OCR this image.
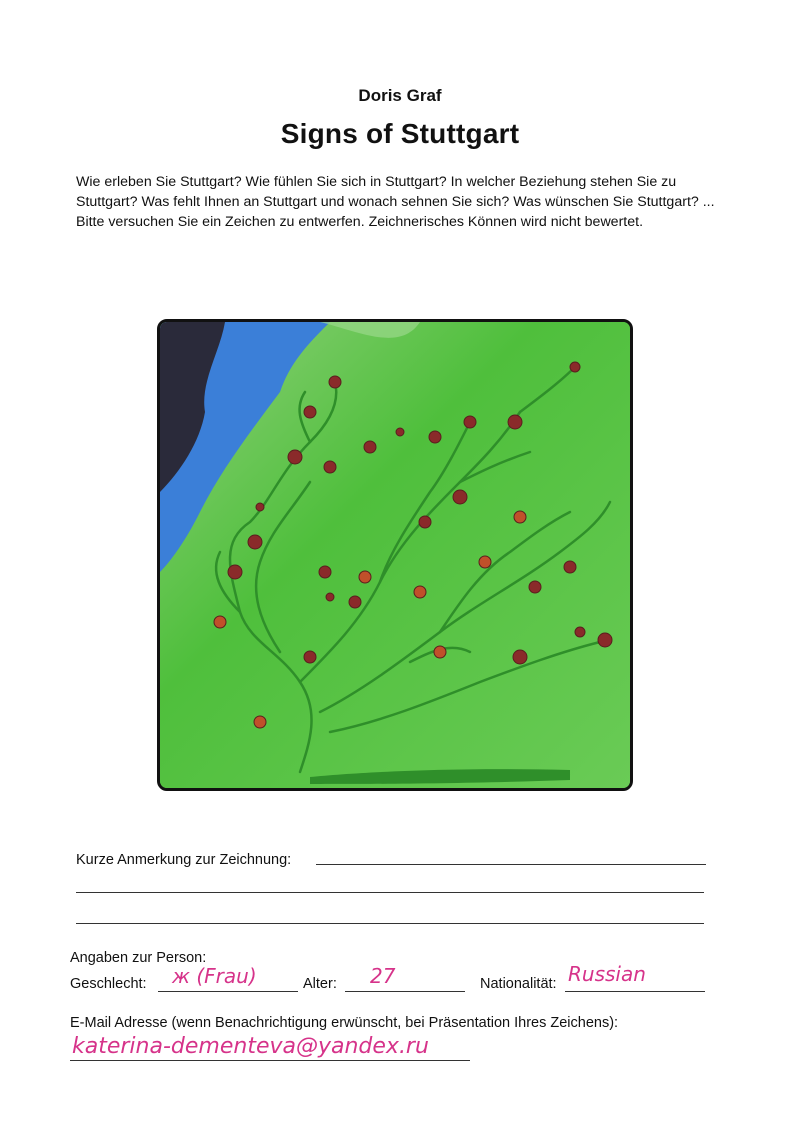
Doris Graf
Signs of Stuttgart

Wie erleben Sie Stuttgart? Wie fühlen Sie sich in Stuttgart? In welcher Beziehung stehen Sie zu Stuttgart? Was fehlt Ihnen an Stuttgart und wonach sehnen Sie sich? Was wünschen Sie Stuttgart? ...

Bitte versuchen Sie ein Zeichen zu entwerfen. Zeichnerisches Können wird nicht bewertet.

Kurze Anmerkung zur Zeichnung:
Angaben zur Person:
Geschlecht: ж (Frau)	Alter: 27	Nationalität: Russian
E-Mail Adresse (wenn Benachrichtigung erwünscht, bei Präsentation Ihres Zeichens):
katerina-dementeva@yandex.ru
